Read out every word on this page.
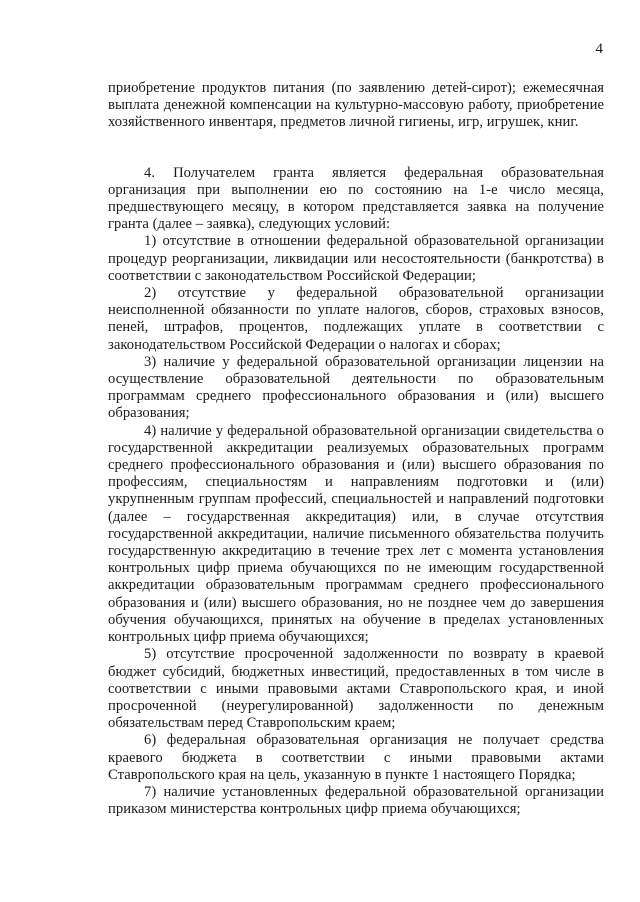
4

приобретение продуктов питания (по заявлению детей-сирот); ежемесячная выплата денежной компенсации на культурно-массовую работу, приобретение хозяйственного инвентаря, предметов личной гигиены, игр, игрушек, книг.

4. Получателем гранта является федеральная образовательная организация при выполнении ею по состоянию на 1-е число месяца, предшествующего месяцу, в котором представляется заявка на получение гранта (далее – заявка), следующих условий:

1) отсутствие в отношении федеральной образовательной организации процедур реорганизации, ликвидации или несостоятельности (банкротства) в соответствии с законодательством Российской Федерации;

2) отсутствие у федеральной образовательной организации неисполненной обязанности по уплате налогов, сборов, страховых взносов, пеней, штрафов, процентов, подлежащих уплате в соответствии с законодательством Российской Федерации о налогах и сборах;

3) наличие у федеральной образовательной организации лицензии на осуществление образовательной деятельности по образовательным программам среднего профессионального образования и (или) высшего образования;

4) наличие у федеральной образовательной организации свидетельства о государственной аккредитации реализуемых образовательных программ среднего профессионального образования и (или) высшего образования по профессиям, специальностям и направлениям подготовки и (или) укрупненным группам профессий, специальностей и направлений подготовки (далее – государственная аккредитация) или, в случае отсутствия государственной аккредитации, наличие письменного обязательства получить государственную аккредитацию в течение трех лет с момента установления контрольных цифр приема обучающихся по не имеющим государственной аккредитации образовательным программам среднего профессионального образования и (или) высшего образования, но не позднее чем до завершения обучения обучающихся, принятых на обучение в пределах установленных контрольных цифр приема обучающихся;

5) отсутствие просроченной задолженности по возврату в краевой бюджет субсидий, бюджетных инвестиций, предоставленных в том числе в соответствии с иными правовыми актами Ставропольского края, и иной просроченной (неурегулированной) задолженности по денежным обязательствам перед Ставропольским краем;

6) федеральная образовательная организация не получает средства краевого бюджета в соответствии с иными правовыми актами Ставропольского края на цель, указанную в пункте 1 настоящего Порядка;

7) наличие установленных федеральной образовательной организации приказом министерства контрольных цифр приема обучающихся;
